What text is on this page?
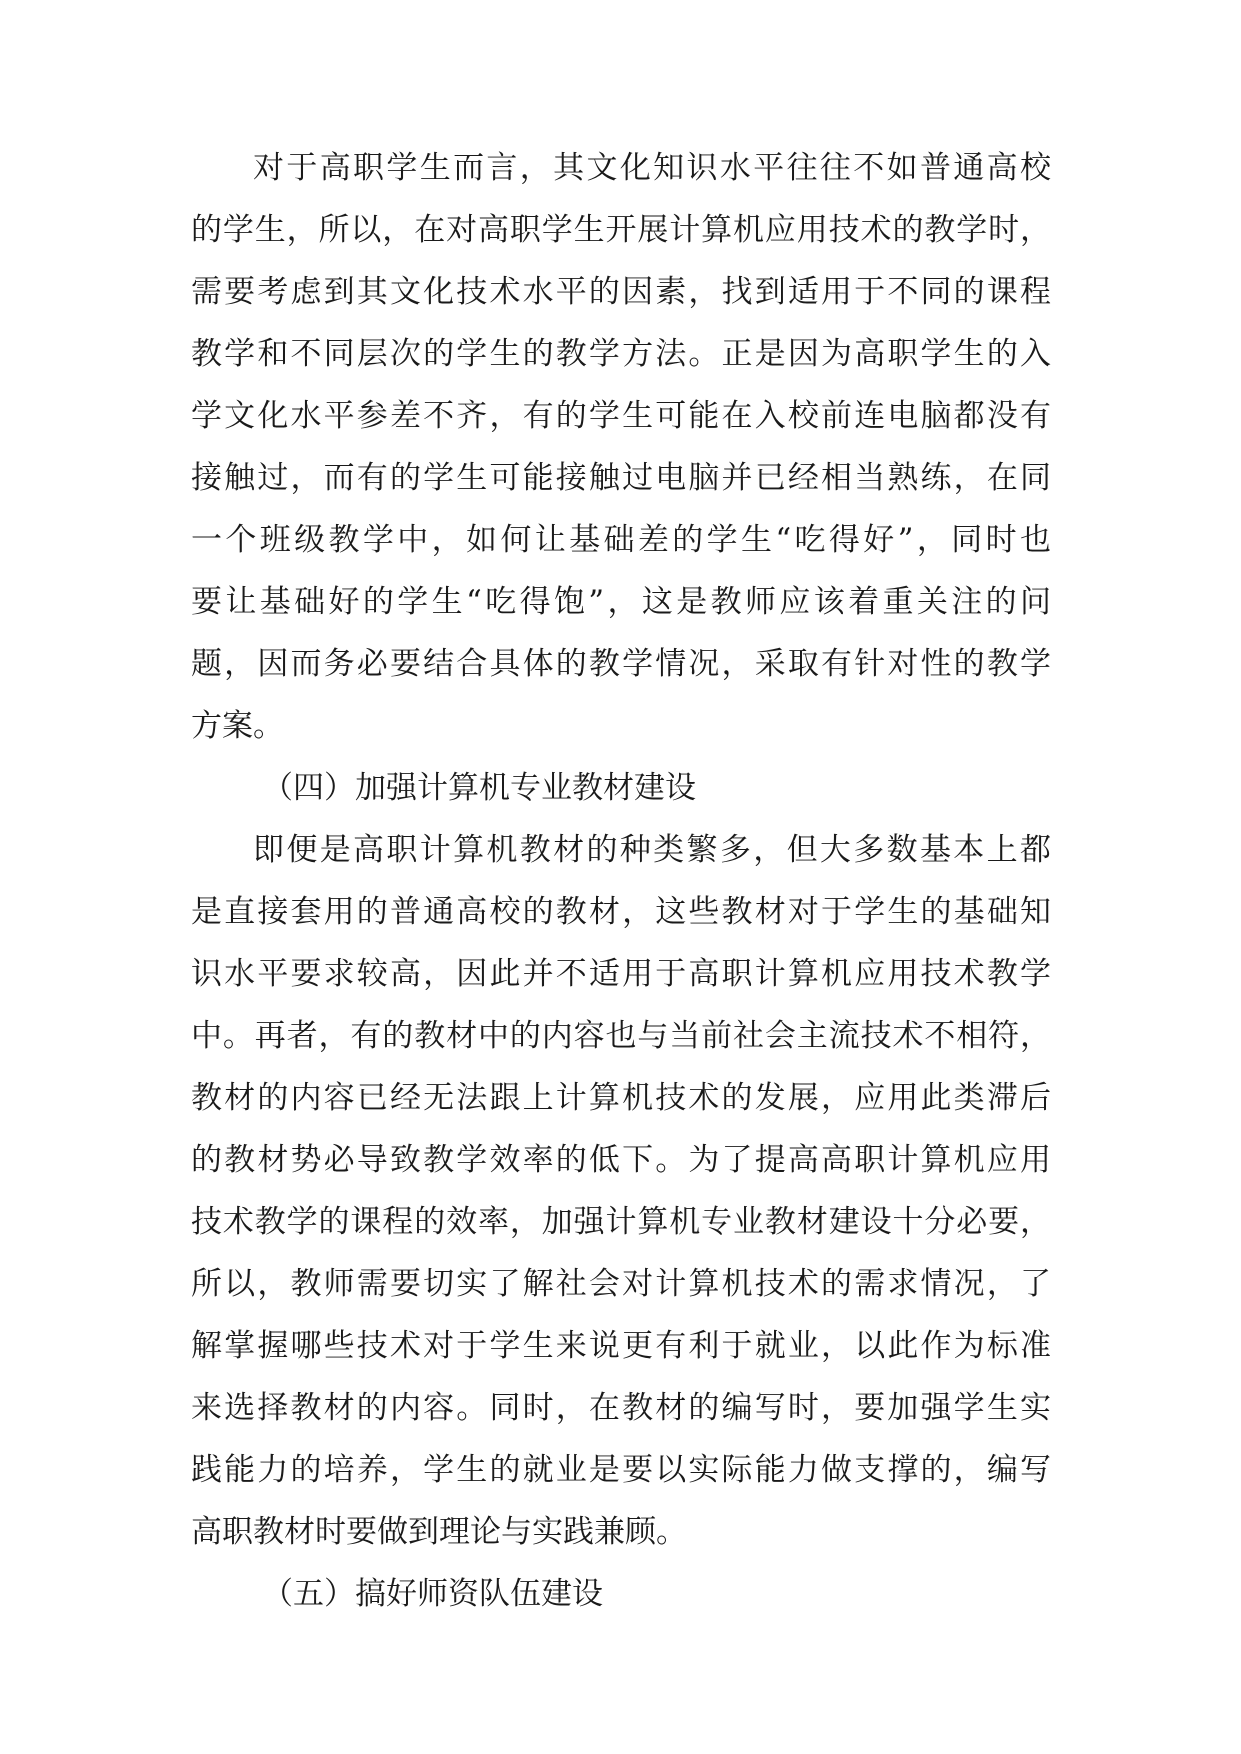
对于高职学生而言，其文化知识水平往往不如普通高校
的学生，所以，在对高职学生开展计算机应用技术的教学时，
需要考虑到其文化技术水平的因素，找到适用于不同的课程
教学和不同层次的学生的教学方法。正是因为高职学生的入
学文化水平参差不齐，有的学生可能在入校前连电脑都没有
接触过，而有的学生可能接触过电脑并已经相当熟练，在同
一个班级教学中，如何让基础差的学生“吃得好”，同时也
要让基础好的学生“吃得饱”，这是教师应该着重关注的问
题，因而务必要结合具体的教学情况，采取有针对性的教学
方案。
（四）加强计算机专业教材建设
即便是高职计算机教材的种类繁多，但大多数基本上都
是直接套用的普通高校的教材，这些教材对于学生的基础知
识水平要求较高，因此并不适用于高职计算机应用技术教学
中。再者，有的教材中的内容也与当前社会主流技术不相符，
教材的内容已经无法跟上计算机技术的发展，应用此类滞后
的教材势必导致教学效率的低下。为了提高高职计算机应用
技术教学的课程的效率，加强计算机专业教材建设十分必要，
所以，教师需要切实了解社会对计算机技术的需求情况，了
解掌握哪些技术对于学生来说更有利于就业，以此作为标准
来选择教材的内容。同时，在教材的编写时，要加强学生实
践能力的培养，学生的就业是要以实际能力做支撑的，编写
高职教材时要做到理论与实践兼顾。
（五）搞好师资队伍建设
